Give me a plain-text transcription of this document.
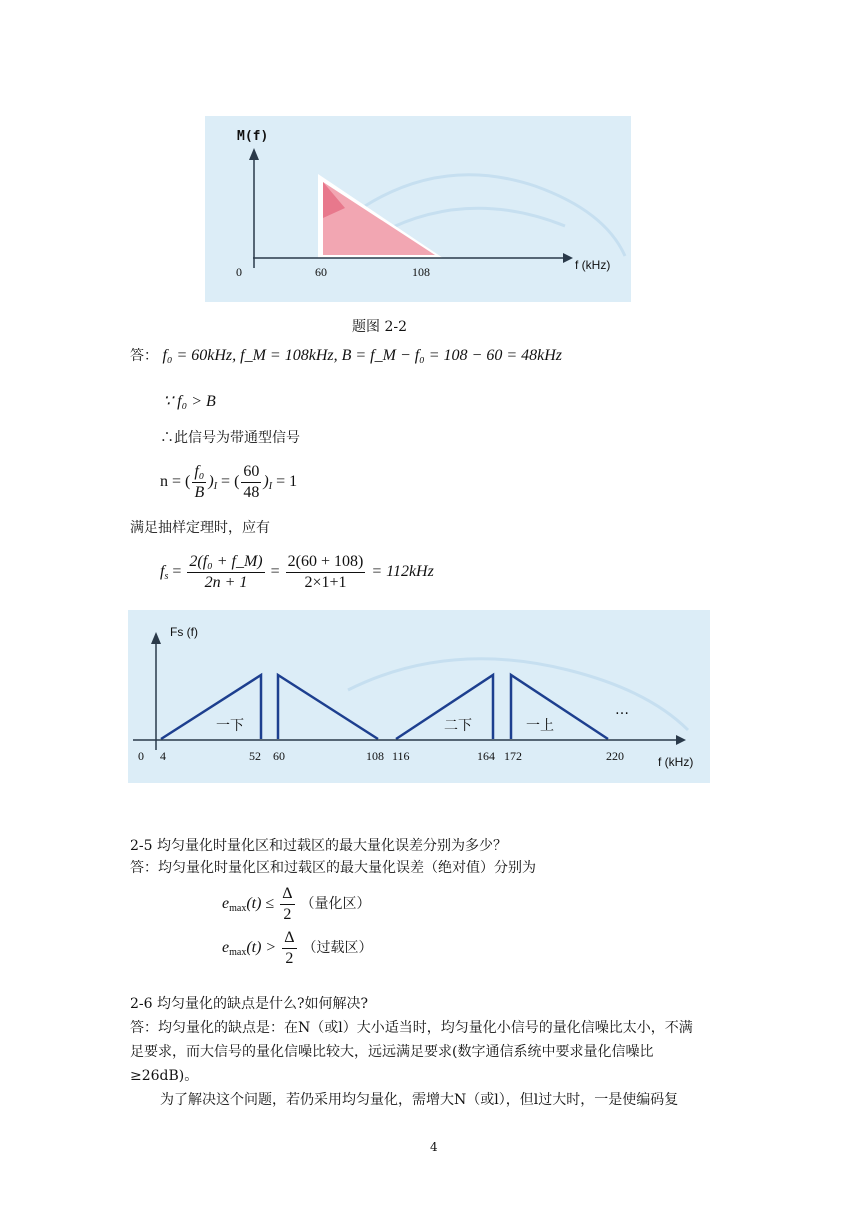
M(f)
f (kHz)
0	60	108
题图 2-2
答： f₀ = 60kHz, f_M = 108kHz, B = f_M − f₀ = 108 − 60 = 48kHz
∵ f₀ > B
∴此信号为带通型信号
n = ( $\frac{\text{f₀}}{B} )_I$ = ( $\frac{60}{48} )_I = 1$
满足抽样定理时，应有
$f_s = \frac{\text{2(f₀ + f\_M)}}{2n + 1} = \frac{2(60 + 108)}{2\times 1+1} = 112kHz$
Fs (f)
f (kHz)
一下	二下	一上
…
0 4	52 60	108 116	164 172	220
2-5 均匀量化时量化区和过载区的最大量化误差分别为多少？
答：均匀量化时量化区和过载区的最大量化误差（绝对值）分别为
$e_{max}(t) \le \frac{\Delta}{2}$ （量化区）
$e_{max}(t) > \frac{\Delta}{2}$ （过载区）
2-6 均匀量化的缺点是什么?如何解决?
答：均匀量化的缺点是：在N（或l）大小适当时，均匀量化小信号的量化信噪比太小，不满
足要求，而大信号的量化信噪比较大，远远满足要求(数字通信系统中要求量化信噪比
≥26dB)。
为了解决这个问题，若仍采用均匀量化，需增大N（或l），但l过大时，一是使编码复
4
